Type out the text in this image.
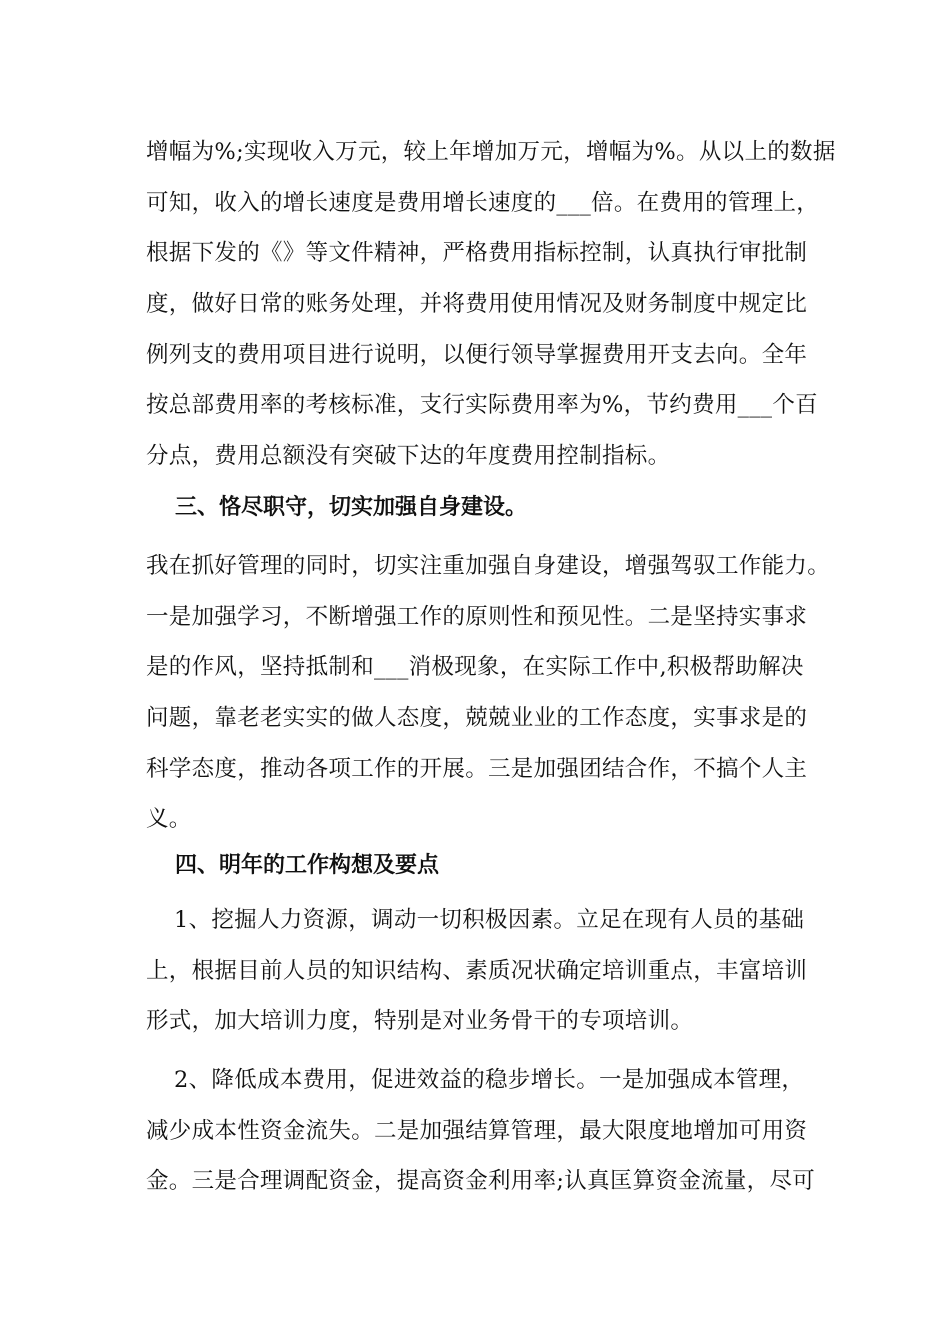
增幅为%;实现收入万元，较上年增加万元，增幅为%。从以上的数据
可知，收入的增长速度是费用增长速度的___倍。在费用的管理上，
根据下发的《》等文件精神，严格费用指标控制，认真执行审批制
度，做好日常的账务处理，并将费用使用情况及财务制度中规定比
例列支的费用项目进行说明，以便行领导掌握费用开支去向。全年
按总部费用率的考核标准，支行实际费用率为%，节约费用___个百
分点，费用总额没有突破下达的年度费用控制指标。
三、恪尽职守，切实加强自身建设。
我在抓好管理的同时，切实注重加强自身建设，增强驾驭工作能力。
一是加强学习，不断增强工作的原则性和预见性。二是坚持实事求
是的作风，坚持抵制和___消极现象，在实际工作中,积极帮助解决
问题，靠老老实实的做人态度，兢兢业业的工作态度，实事求是的
科学态度，推动各项工作的开展。三是加强团结合作，不搞个人主
义。
四、明年的工作构想及要点
1、挖掘人力资源，调动一切积极因素。立足在现有人员的基础
上，根据目前人员的知识结构、素质况状确定培训重点，丰富培训
形式，加大培训力度，特别是对业务骨干的专项培训。
2、降低成本费用，促进效益的稳步增长。一是加强成本管理，
减少成本性资金流失。二是加强结算管理，最大限度地增加可用资
金。三是合理调配资金，提高资金利用率;认真匡算资金流量，尽可
